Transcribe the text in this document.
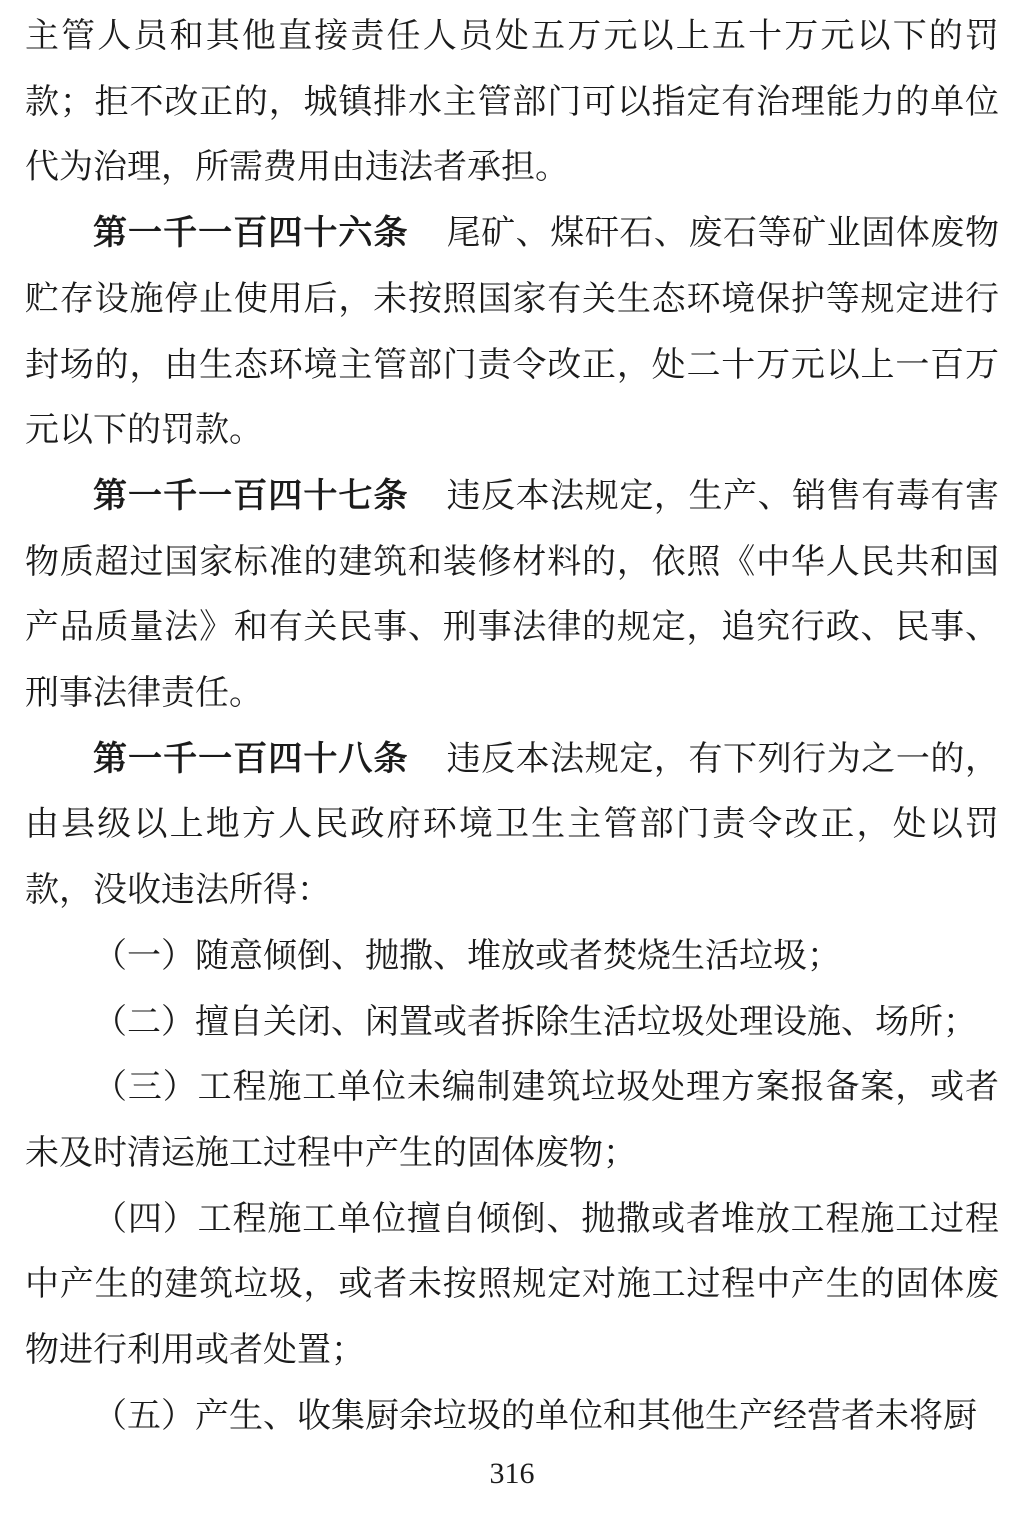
主管人员和其他直接责任人员处五万元以上五十万元以下的罚款；拒不改正的，城镇排水主管部门可以指定有治理能力的单位代为治理，所需费用由违法者承担。

第一千一百四十六条 尾矿、煤矸石、废石等矿业固体废物贮存设施停止使用后，未按照国家有关生态环境保护等规定进行封场的，由生态环境主管部门责令改正，处二十万元以上一百万元以下的罚款。

第一千一百四十七条 违反本法规定，生产、销售有毒有害物质超过国家标准的建筑和装修材料的，依照《中华人民共和国产品质量法》和有关民事、刑事法律的规定，追究行政、民事、刑事法律责任。

第一千一百四十八条 违反本法规定，有下列行为之一的，由县级以上地方人民政府环境卫生主管部门责令改正，处以罚款，没收违法所得：

（一）随意倾倒、抛撒、堆放或者焚烧生活垃圾；

（二）擅自关闭、闲置或者拆除生活垃圾处理设施、场所；

（三）工程施工单位未编制建筑垃圾处理方案报备案，或者未及时清运施工过程中产生的固体废物；

（四）工程施工单位擅自倾倒、抛撒或者堆放工程施工过程中产生的建筑垃圾，或者未按照规定对施工过程中产生的固体废物进行利用或者处置；

（五）产生、收集厨余垃圾的单位和其他生产经营者未将厨

316
